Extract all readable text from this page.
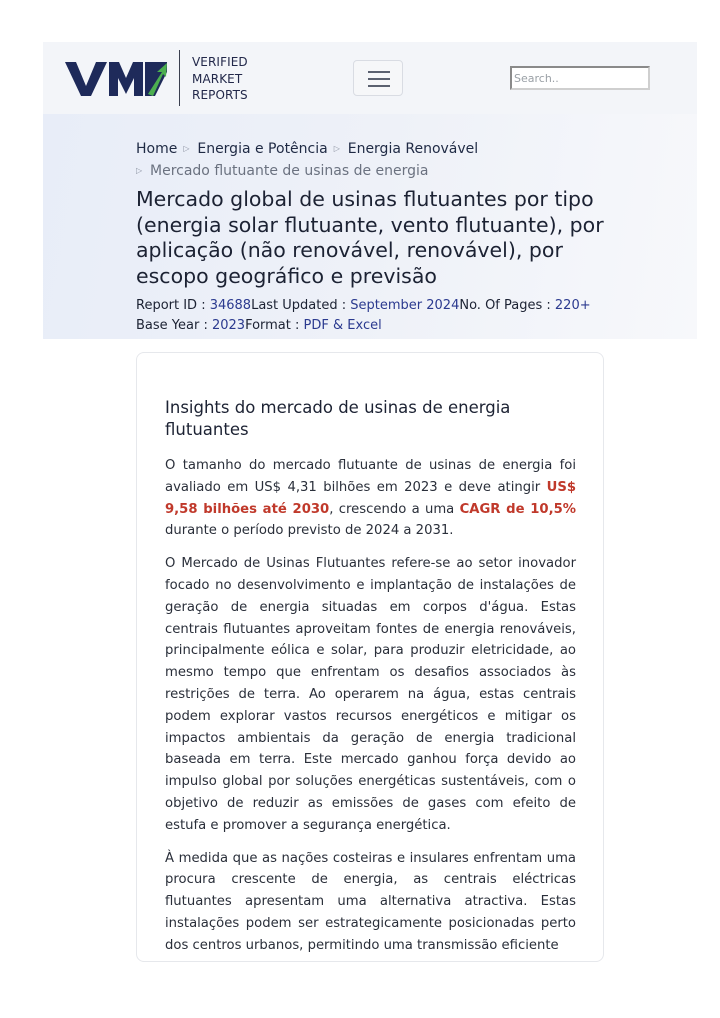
VERIFIED
MARKET
REPORTS
Search..
Home ▷ Energia e Potência ▷ Energia Renovável
▷ Mercado flutuante de usinas de energia
Mercado global de usinas flutuantes por tipo (energia solar flutuante, vento flutuante), por aplicação (não renovável, renovável), por escopo geográfico e previsão
Report ID : 34688Last Updated : September 2024No. Of Pages : 220+
Base Year : 2023Format : PDF & Excel
Insights do mercado de usinas de energia flutuantes

O tamanho do mercado flutuante de usinas de energia foi avaliado em US$ 4,31 bilhões em 2023 e deve atingir US$ 9,58 bilhões até 2030, crescendo a uma CAGR de 10,5% durante o período previsto de 2024 a 2031.

O Mercado de Usinas Flutuantes refere-se ao setor inovador focado no desenvolvimento e implantação de instalações de geração de energia situadas em corpos d'água. Estas centrais flutuantes aproveitam fontes de energia renováveis, principalmente eólica e solar, para produzir eletricidade, ao mesmo tempo que enfrentam os desafios associados às restrições de terra. Ao operarem na água, estas centrais podem explorar vastos recursos energéticos e mitigar os impactos ambientais da geração de energia tradicional baseada em terra. Este mercado ganhou força devido ao impulso global por soluções energéticas sustentáveis, com o objetivo de reduzir as emissões de gases com efeito de estufa e promover a segurança energética.

À medida que as nações costeiras e insulares enfrentam uma procura crescente de energia, as centrais eléctricas flutuantes apresentam uma alternativa atractiva. Estas instalações podem ser estrategicamente posicionadas perto dos centros urbanos, permitindo uma transmissão eficiente
